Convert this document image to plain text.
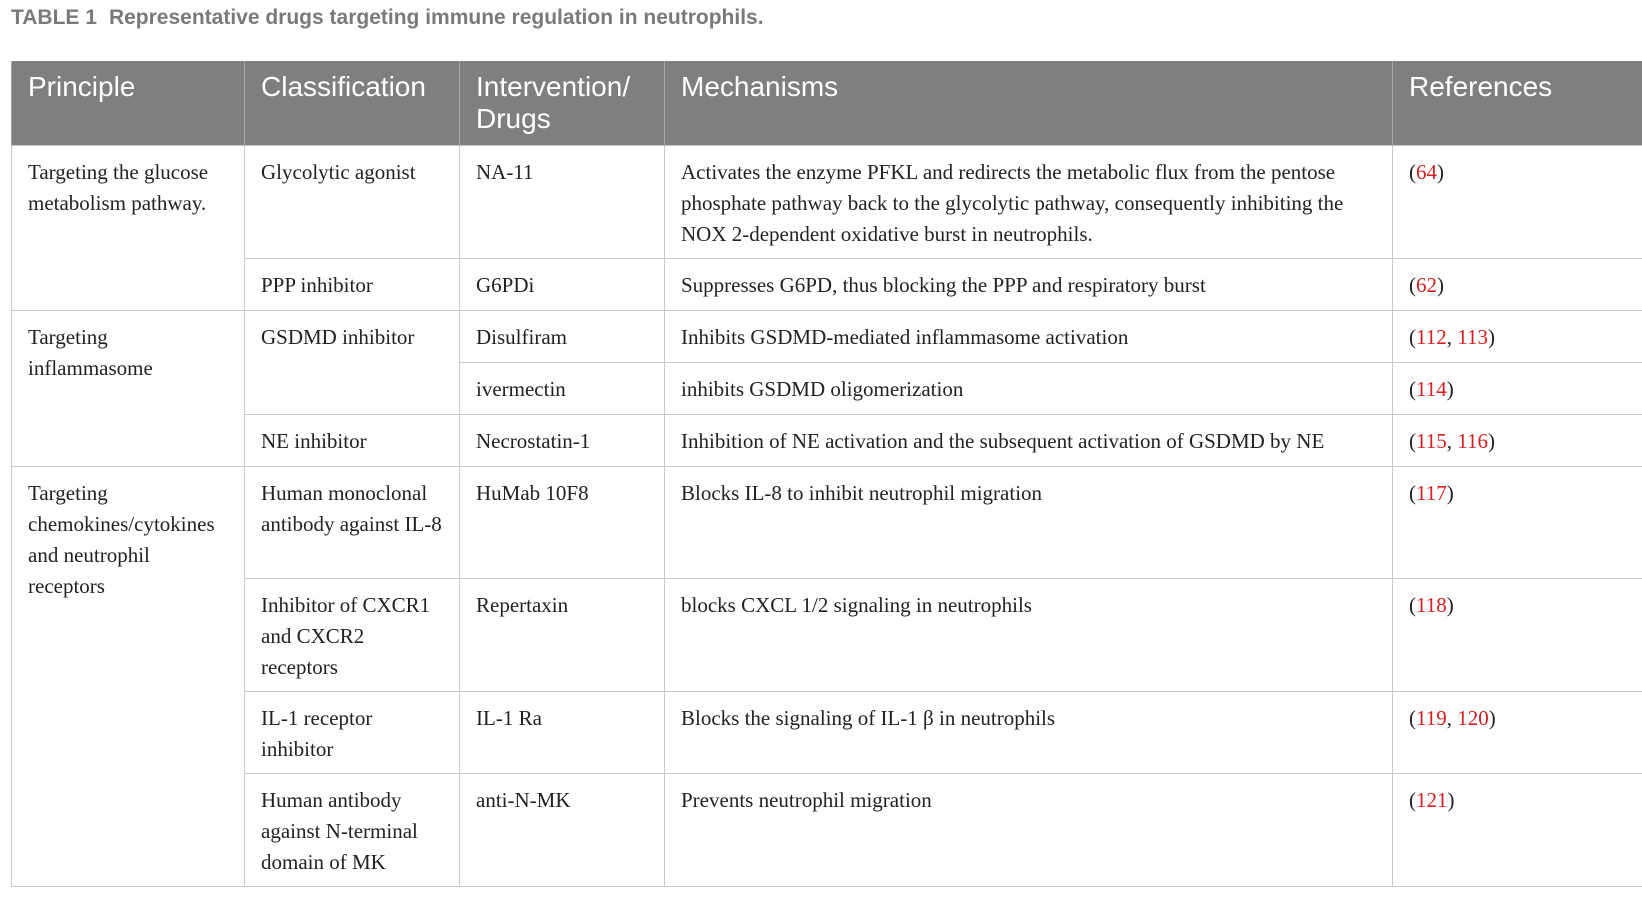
TABLE 1 Representative drugs targeting immune regulation in neutrophils.
Principle	Classification	Intervention/ Drugs	Mechanisms	References
Targeting the glucose metabolism pathway.	Glycolytic agonist	NA-11	Activates the enzyme PFKL and redirects the metabolic flux from the pentose phosphate pathway back to the glycolytic pathway, consequently inhibiting the NOX 2-dependent oxidative burst in neutrophils.	(64)
	PPP inhibitor	G6PDi	Suppresses G6PD, thus blocking the PPP and respiratory burst	(62)
Targeting inflammasome	GSDMD inhibitor	Disulfiram	Inhibits GSDMD-mediated inflammasome activation	(112, 113)
		ivermectin	inhibits GSDMD oligomerization	(114)
	NE inhibitor	Necrostatin-1	Inhibition of NE activation and the subsequent activation of GSDMD by NE	(115, 116)
Targeting chemokines/cytokines and neutrophil receptors	Human monoclonal antibody against IL-8	HuMab 10F8	Blocks IL-8 to inhibit neutrophil migration	(117)
	Inhibitor of CXCR1 and CXCR2 receptors	Repertaxin	blocks CXCL 1/2 signaling in neutrophils	(118)
	IL-1 receptor inhibitor	IL-1 Ra	Blocks the signaling of IL-1 β in neutrophils	(119, 120)
	Human antibody against N-terminal domain of MK	anti-N-MK	Prevents neutrophil migration	(121)
